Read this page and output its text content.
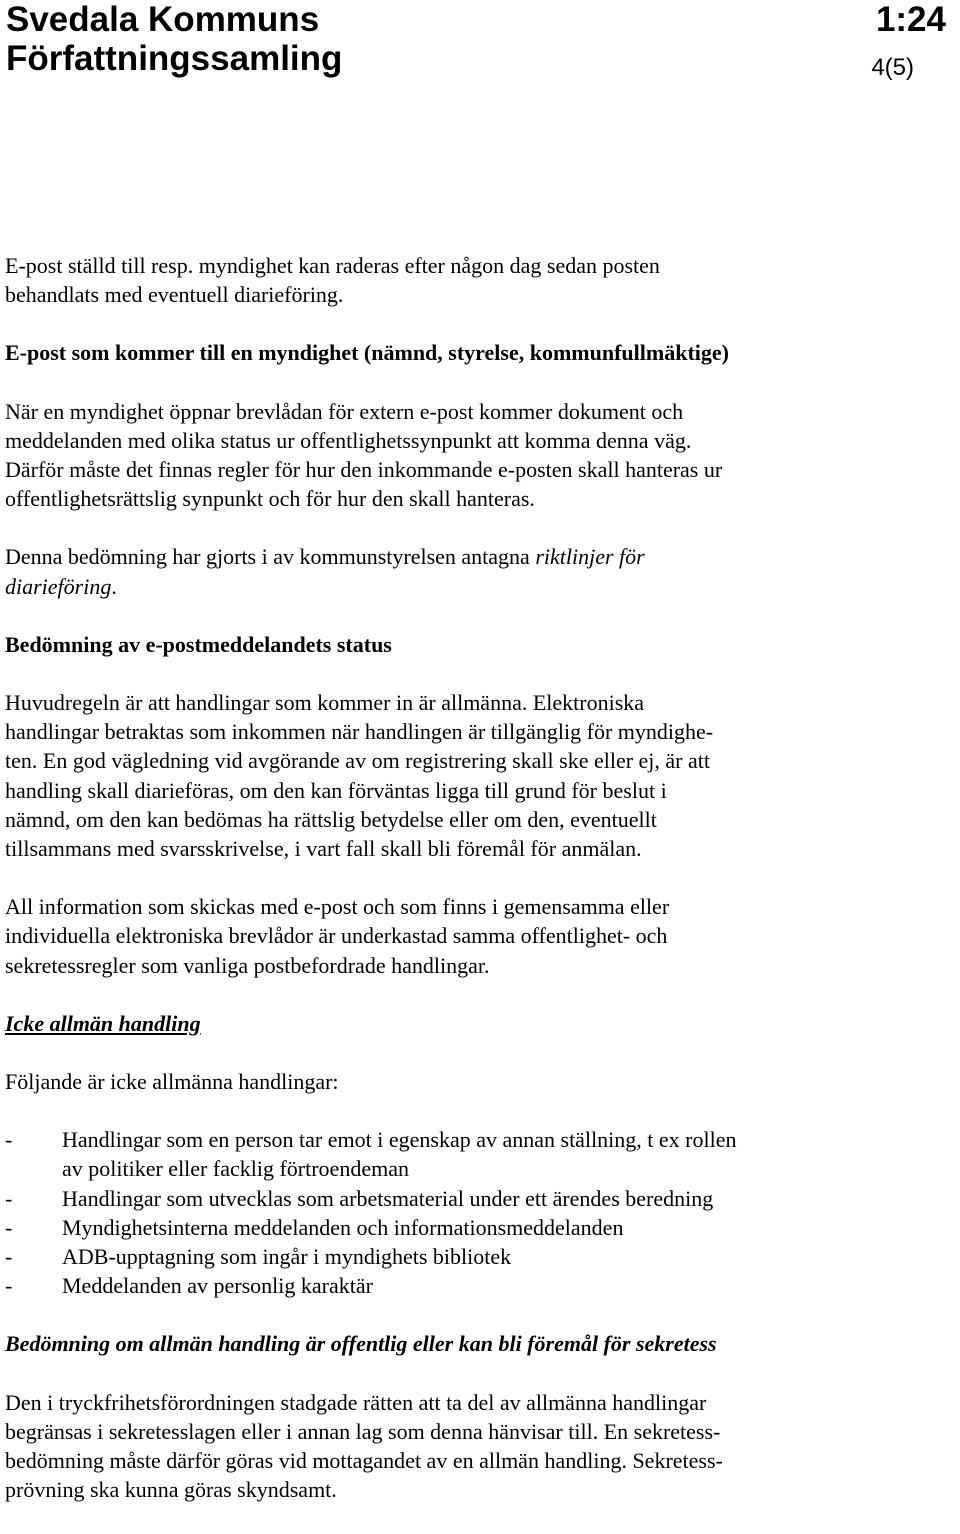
Svedala Kommuns
Författningssamling
1:24
4(5)

E-post ställd till resp. myndighet kan raderas efter någon dag sedan posten
behandlats med eventuell diarieföring.

E-post som kommer till en myndighet (nämnd, styrelse, kommunfullmäktige)

När en myndighet öppnar brevlådan för extern e-post kommer dokument och
meddelanden med olika status ur offentlighetssynpunkt att komma denna väg.
Därför måste det finnas regler för hur den inkommande e-posten skall hanteras ur
offentlighetsrättslig synpunkt och för hur den skall hanteras.

Denna bedömning har gjorts i av kommunstyrelsen antagna riktlinjer för
diarieföring.

Bedömning av e-postmeddelandets status

Huvudregeln är att handlingar som kommer in är allmänna. Elektroniska
handlingar betraktas som inkommen när handlingen är tillgänglig för myndighe-
ten. En god vägledning vid avgörande av om registrering skall ske eller ej, är att
handling skall diarieföras, om den kan förväntas ligga till grund för beslut i
nämnd, om den kan bedömas ha rättslig betydelse eller om den, eventuellt
tillsammans med svarsskrivelse, i vart fall skall bli föremål för anmälan.

All information som skickas med e-post och som finns i gemensamma eller
individuella elektroniska brevlådor är underkastad samma offentlighet- och
sekretessregler som vanliga postbefordrade handlingar.

Icke allmän handling

Följande är icke allmänna handlingar:

- Handlingar som en person tar emot i egenskap av annan ställning, t ex rollen
av politiker eller facklig förtroendeman
- Handlingar som utvecklas som arbetsmaterial under ett ärendes beredning
- Myndighetsinterna meddelanden och informationsmeddelanden
- ADB-upptagning som ingår i myndighets bibliotek
- Meddelanden av personlig karaktär
Bedömning om allmän handling är offentlig eller kan bli föremål för sekretess

Den i tryckfrihetsförordningen stadgade rätten att ta del av allmänna handlingar
begränsas i sekretesslagen eller i annan lag som denna hänvisar till. En sekretess-
bedömning måste därför göras vid mottagandet av en allmän handling. Sekretess-
prövning ska kunna göras skyndsamt.
